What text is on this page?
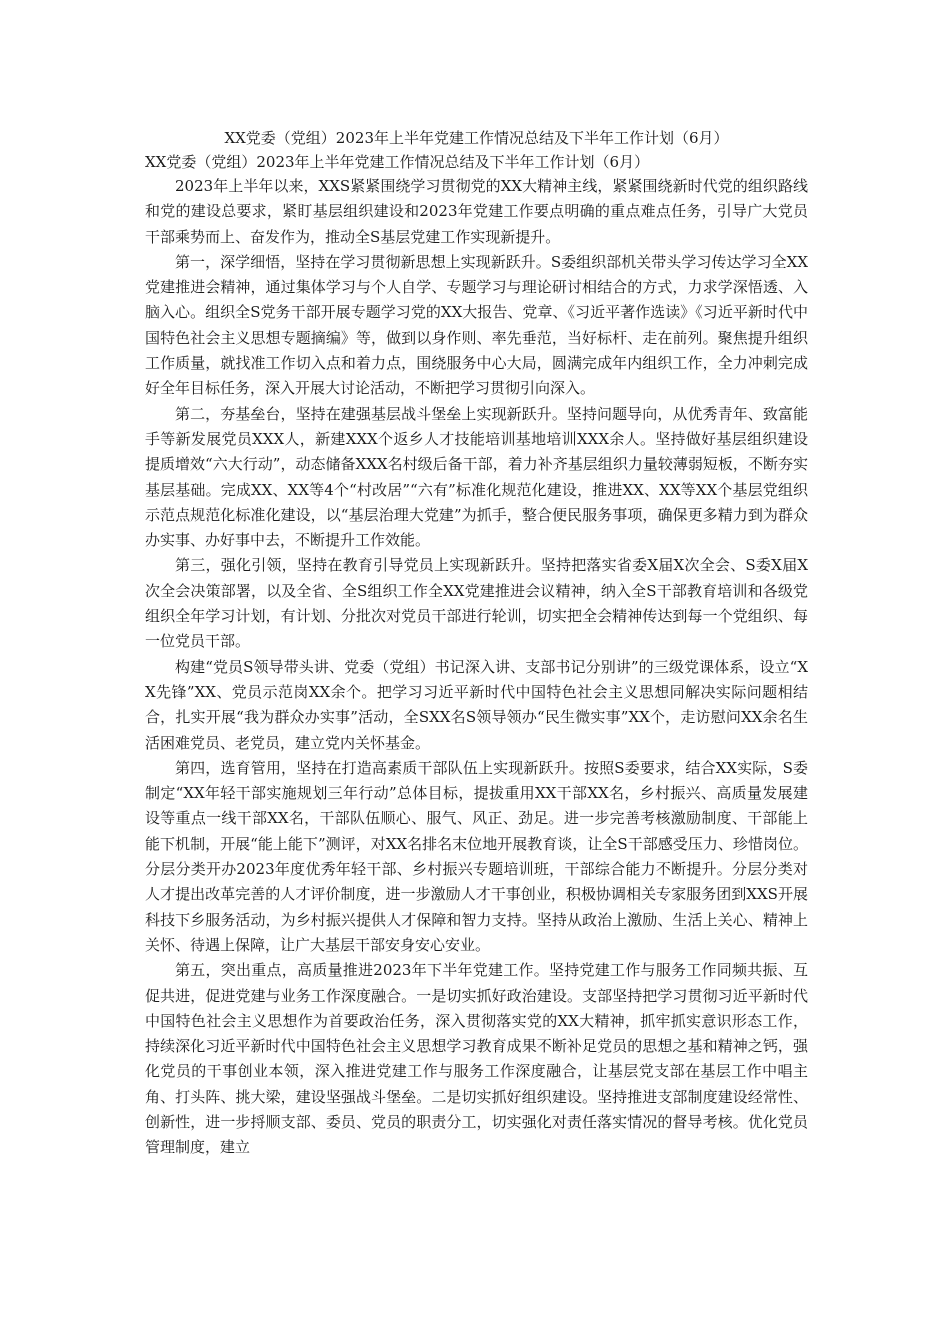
XX党委（党组）2023年上半年党建工作情况总结及下半年工作计划（6月）

XX党委（党组）2023年上半年党建工作情况总结及下半年工作计划（6月）

2023年上半年以来，XXS紧紧围绕学习贯彻党的XX大精神主线，紧紧围绕新时代党的组织路线和党的建设总要求，紧盯基层组织建设和2023年党建工作要点明确的重点难点任务，引导广大党员干部乘势而上、奋发作为，推动全S基层党建工作实现新提升。

第一，深学细悟，坚持在学习贯彻新思想上实现新跃升。S委组织部机关带头学习传达学习全XX党建推进会精神，通过集体学习与个人自学、专题学习与理论研讨相结合的方式，力求学深悟透、入脑入心。组织全S党务干部开展专题学习党的XX大报告、党章、《习近平著作选读》《习近平新时代中国特色社会主义思想专题摘编》等，做到以身作则、率先垂范，当好标杆、走在前列。聚焦提升组织工作质量，就找准工作切入点和着力点，围绕服务中心大局，圆满完成年内组织工作，全力冲刺完成好全年目标任务，深入开展大讨论活动，不断把学习贯彻引向深入。

第二，夯基垒台，坚持在建强基层战斗堡垒上实现新跃升。坚持问题导向，从优秀青年、致富能手等新发展党员XXX人，新建XXX个返乡人才技能培训基地培训XXX余人。坚持做好基层组织建设提质增效“六大行动”，动态储备XXX名村级后备干部，着力补齐基层组织力量较薄弱短板，不断夯实基层基础。完成XX、XX等4个“村改居”“六有”标准化规范化建设，推进XX、XX等XX个基层党组织示范点规范化标准化建设，以“基层治理大党建”为抓手，整合便民服务事项，确保更多精力到为群众办实事、办好事中去，不断提升工作效能。

第三，强化引领，坚持在教育引导党员上实现新跃升。坚持把落实省委X届X次全会、S委X届X次全会决策部署，以及全省、全S组织工作全XX党建推进会议精神，纳入全S干部教育培训和各级党组织全年学习计划，有计划、分批次对党员干部进行轮训，切实把全会精神传达到每一个党组织、每一位党员干部。

构建“党员S领导带头讲、党委（党组）书记深入讲、支部书记分别讲”的三级党课体系，设立“XX先锋”XX、党员示范岗XX余个。把学习习近平新时代中国特色社会主义思想同解决实际问题相结合，扎实开展“我为群众办实事”活动，全SXX名S领导领办“民生微实事”XX个，走访慰问XX余名生活困难党员、老党员，建立党内关怀基金。

第四，选育管用，坚持在打造高素质干部队伍上实现新跃升。按照S委要求，结合XX实际，S委制定“XX年轻干部实施规划三年行动”总体目标，提拔重用XX干部XX名，乡村振兴、高质量发展建设等重点一线干部XX名，干部队伍顺心、服气、风正、劲足。进一步完善考核激励制度、干部能上能下机制，开展“能上能下”测评，对XX名排名末位地开展教育谈，让全S干部感受压力、珍惜岗位。分层分类开办2023年度优秀年轻干部、乡村振兴专题培训班，干部综合能力不断提升。分层分类对人才提出改革完善的人才评价制度，进一步激励人才干事创业，积极协调相关专家服务团到XXS开展科技下乡服务活动，为乡村振兴提供人才保障和智力支持。坚持从政治上激励、生活上关心、精神上关怀、待遇上保障，让广大基层干部安身安心安业。

第五，突出重点，高质量推进2023年下半年党建工作。坚持党建工作与服务工作同频共振、互促共进，促进党建与业务工作深度融合。一是切实抓好政治建设。支部坚持把学习贯彻习近平新时代中国特色社会主义思想作为首要政治任务，深入贯彻落实党的XX大精神，抓牢抓实意识形态工作，持续深化习近平新时代中国特色社会主义思想学习教育成果不断补足党员的思想之基和精神之钙，强化党员的干事创业本领，深入推进党建工作与服务工作深度融合，让基层党支部在基层工作中唱主角、打头阵、挑大梁，建设坚强战斗堡垒。二是切实抓好组织建设。坚持推进支部制度建设经常性、创新性，进一步捋顺支部、委员、党员的职责分工，切实强化对责任落实情况的督导考核。优化党员管理制度，建立
